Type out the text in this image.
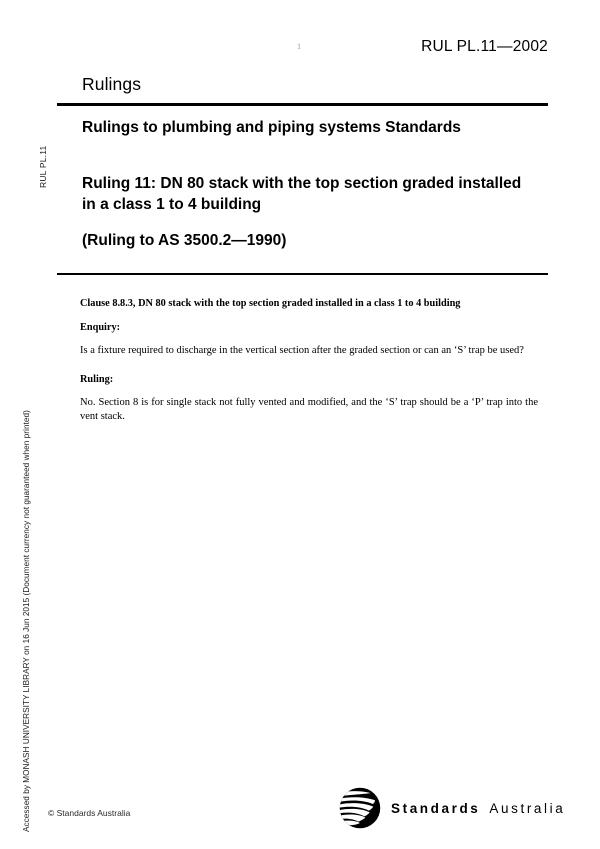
1	RUL PL.11—2002
Rulings
Rulings to plumbing and piping systems Standards
Ruling 11: DN 80 stack with the top section graded installed in a class 1 to 4 building
(Ruling to AS 3500.2—1990)

Clause 8.8.3, DN 80 stack with the top section graded installed in a class 1 to 4 building

Enquiry:

Is a fixture required to discharge in the vertical section after the graded section or can an ‘S’ trap be used?

Ruling:

No. Section 8 is for single stack not fully vented and modified, and the ‘S’ trap should be a ‘P’ trap into the vent stack.

RUL PL.11
Accessed by MONASH UNIVERSITY LIBRARY on 16 Jun 2015 (Document currency not guaranteed when printed) © Standards Australia	Standards Australia
